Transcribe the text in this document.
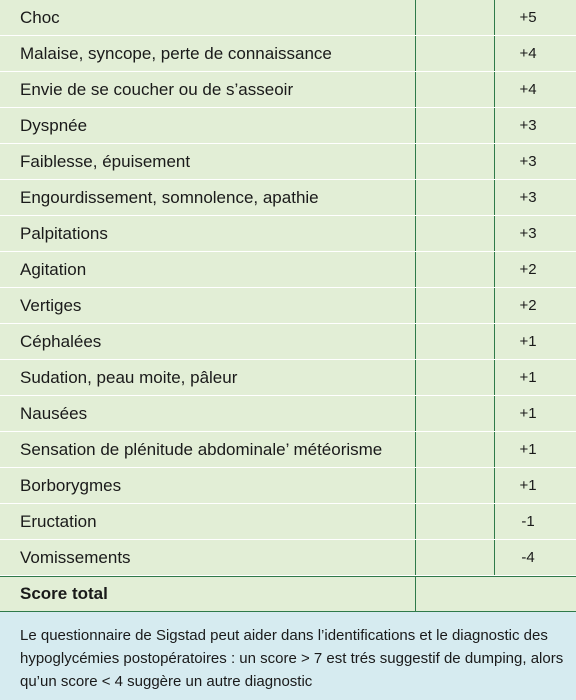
Choc	+5
Malaise, syncope, perte de connaissance	+4
Envie de se coucher ou de s’asseoir	+4
Dyspnée	+3
Faiblesse, épuisement	+3
Engourdissement, somnolence, apathie	+3
Palpitations	+3
Agitation	+2
Vertiges	+2
Céphalées	+1
Sudation, peau moite, pâleur	+1
Nausées	+1
Sensation de plénitude abdominale’ météorisme	+1
Borborygmes	+1
Eructation	-1
Vomissements	-4
Score total
Le questionnaire de Sigstad peut aider dans l’identifications et le diagnostic des hypoglycémies postopératoires : un score > 7 est trés suggestif de dumping, alors qu’un score < 4 suggère un autre diagnostic
